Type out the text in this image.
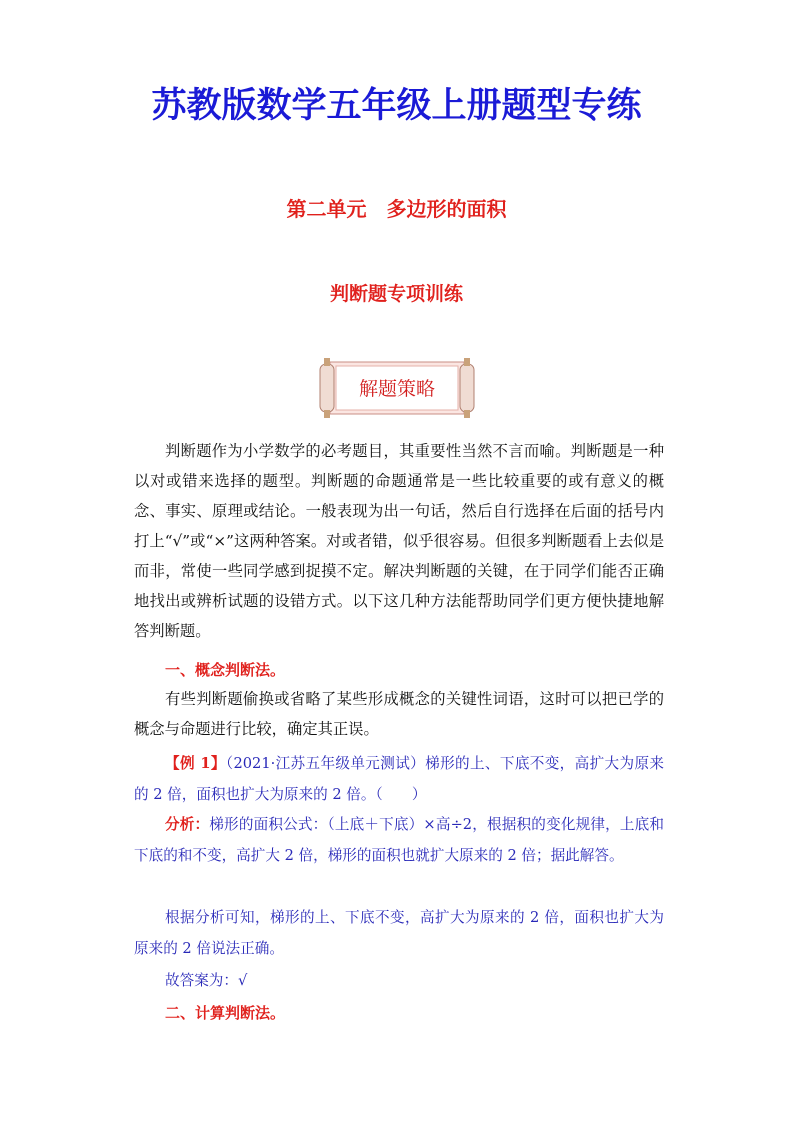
苏教版数学五年级上册题型专练
第二单元　多边形的面积
判断题专项训练
解题策略

判断题作为小学数学的必考题目，其重要性当然不言而喻。判断题是一种以对或错来选择的题型。判断题的命题通常是一些比较重要的或有意义的概念、事实、原理或结论。一般表现为出一句话，然后自行选择在后面的括号内打上“√”或“×”这两种答案。对或者错，似乎很容易。但很多判断题看上去似是而非，常使一些同学感到捉摸不定。解决判断题的关键，在于同学们能否正确地找出或辨析试题的设错方式。以下这几种方法能帮助同学们更方便快捷地解答判断题。

一、概念判断法。

有些判断题偷换或省略了某些形成概念的关键性词语，这时可以把已学的概念与命题进行比较，确定其正误。

【例 1】（2021·江苏五年级单元测试）梯形的上、下底不变，高扩大为原来的 2 倍，面积也扩大为原来的 2 倍。（　　）

分析：梯形的面积公式：（上底＋下底）×高÷2，根据积的变化规律，上底和下底的和不变，高扩大 2 倍，梯形的面积也就扩大原来的 2 倍；据此解答。

根据分析可知，梯形的上、下底不变，高扩大为原来的 2 倍，面积也扩大为原来的 2 倍说法正确。

故答案为：√

二、计算判断法。
